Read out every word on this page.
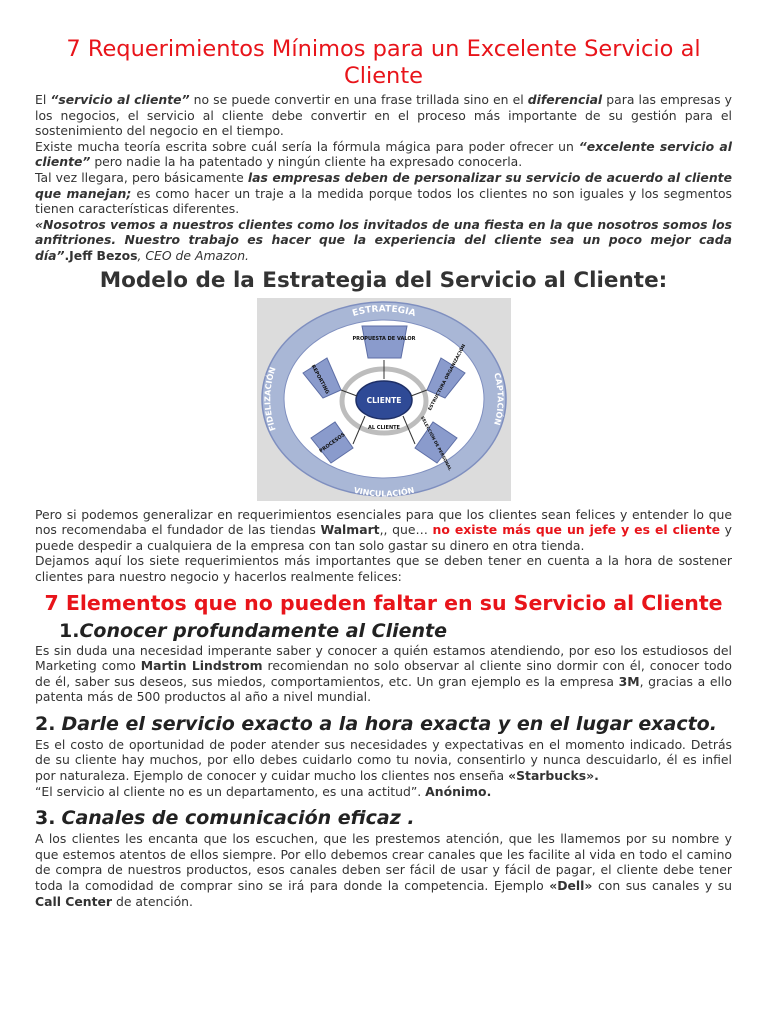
7 Requerimientos Mínimos para un Excelente Servicio al Cliente

El “servicio al cliente” no se puede convertir en una frase trillada sino en el diferencial para las empresas y los negocios, el servicio al cliente debe convertir en el proceso más importante de su gestión para el sostenimiento del negocio en el tiempo.

Existe mucha teoría escrita sobre cuál sería la fórmula mágica para poder ofrecer un “excelente servicio al cliente” pero nadie la ha patentado y ningún cliente ha expresado conocerla.

Tal vez llegara, pero básicamente las empresas deben de personalizar su servicio de acuerdo al cliente que manejan; es como hacer un traje a la medida porque todos los clientes no son iguales y los segmentos tienen características diferentes.

«Nosotros vemos a nuestros clientes como los invitados de una fiesta en la que nosotros somos los anfitriones. Nuestro trabajo es hacer que la experiencia del cliente sea un poco mejor cada día”.Jeff Bezos, CEO de Amazon.

Modelo de la Estrategia del Servicio al Cliente:
ESTRATEGIA
VINCULACIÓN
FIDELIZACIÓN
CAPTACIÓN
PROPUESTA DE VALOR
REPORTING	ESTRUCTURA ORGANIZACIÓN
PROCESOS	SELECCIÓN DE PERSONAL
CLIENTE
AL CLIENTE

Pero si podemos generalizar en requerimientos esenciales para que los clientes sean felices y entender lo que nos recomendaba el fundador de las tiendas Walmart,, que… no existe más que un jefe y es el cliente y puede despedir a cualquiera de la empresa con tan solo gastar su dinero en otra tienda.

Dejamos aquí los siete requerimientos más importantes que se deben tener en cuenta a la hora de sostener clientes para nuestro negocio y hacerlos realmente felices:

7 Elementos que no pueden faltar en su Servicio al Cliente
1.Conocer profundamente al Cliente

Es sin duda una necesidad imperante saber y conocer a quién estamos atendiendo, por eso los estudiosos del Marketing como Martin Lindstrom recomiendan no solo observar al cliente sino dormir con él, conocer todo de él, saber sus deseos, sus miedos, comportamientos, etc. Un gran ejemplo es la empresa 3M, gracias a ello patenta más de 500 productos al año a nivel mundial.

2. Darle el servicio exacto a la hora exacta y en el lugar exacto.

Es el costo de oportunidad de poder atender sus necesidades y expectativas en el momento indicado. Detrás de su cliente hay muchos, por ello debes cuidarlo como tu novia, consentirlo y nunca descuidarlo, él es infiel por naturaleza. Ejemplo de conocer y cuidar mucho los clientes nos enseña «Starbucks».

“El servicio al cliente no es un departamento, es una actitud”. Anónimo.

3. Canales de comunicación eficaz .

A los clientes les encanta que los escuchen, que les prestemos atención, que les llamemos por su nombre y que estemos atentos de ellos siempre. Por ello debemos crear canales que les facilite al vida en todo el camino de compra de nuestros productos, esos canales deben ser fácil de usar y fácil de pagar, el cliente debe tener toda la comodidad de comprar sino se irá para donde la competencia. Ejemplo «Dell» con sus canales y su Call Center de atención.
